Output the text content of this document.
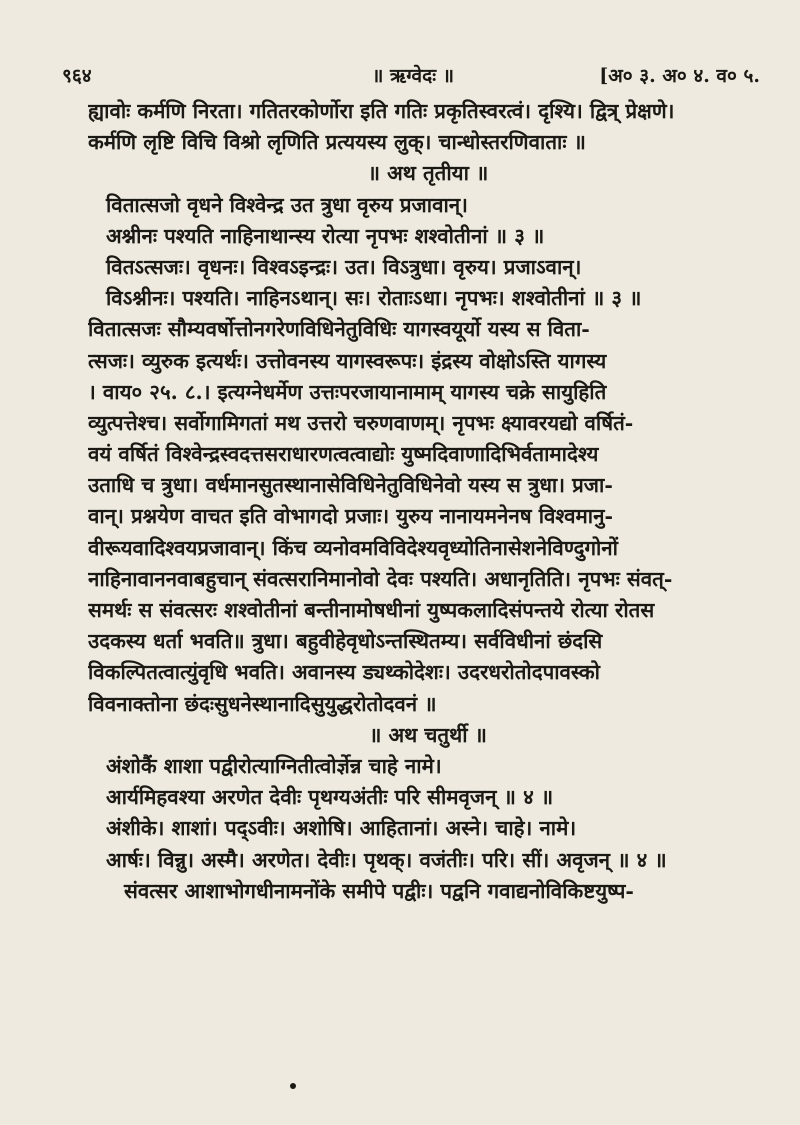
९६४	॥ ऋग्वेदः ॥	[अ० ३. अ० ४. व० ५.
ह्यावोः कर्मणि निरता। गतितरकोर्णोरा इति गतिः प्रकृतिस्वरत्वं। दृश्यि। द्वित्र् प्रेक्षणे।
कर्मणि लृष्टि विचि विश्रो लृणिति प्रत्ययस्य लुक्। चान्धोस्तरणिवाताः ॥
॥ अथ तृतीया ॥
वितात्सजो वृधने विश्वेन्द्र उत त्रुधा वृरुय प्रजावान्।
अश्नीनः पश्यति नाहिनाथान्स्य रोत्या नृपभः शश्वोतीनां ॥ ३ ॥
वितऽत्सजः। वृधनः। विश्वऽइन्द्रः। उत। विऽत्रुधा। वृरुय। प्रजाऽवान्।
विऽश्नीनः। पश्यति। नाहिनऽथान्। सः। रोताःऽधा। नृपभः। शश्वोतीनां ॥ ३ ॥
वितात्सजः सौम्यवर्षोत्तोनगरेणविधिनेतुविधिः यागस्वयूर्यो यस्य स विता-
त्सजः। व्युरुक इत्यर्थः। उत्तोवनस्य यागस्वरूपः। इंद्रस्य वोक्षोऽस्ति यागस्य
। वाय० २५. ८.। इत्यग्नेधर्मेण उत्तःपरजायानामाम् यागस्य चक्रे सायुहिति
व्युत्पत्तेश्च। सर्वोगामिगतां मथ उत्तरो चरुणवाणम्। नृपभः क्ष्यावरयद्यो वर्षितं-
वयं वर्षितं विश्वेन्द्रस्वदत्तसराधारणत्वत्वाद्योः युष्मदिवाणादिभिर्वतामादेश्य
उताधि च त्रुधा। वर्धमानसुतस्थानासेविधिनेतुविधिनेवो यस्य स त्रुधा। प्रजा-
वान्। प्रश्नयेण वाचत इति वोभागदो प्रजाः। युरुय नानायमनेनष विश्वमानु-
वीरूयवादिश्वयप्रजावान्। किंच व्यनोवमविविदेश्यवृध्योतिनासेशनेविण्दुगोनों
नाहिनावाननवाबहुचान् संवत्सरानिमानोवो देवः पश्यति। अधानृतिति। नृपभः संवत्-
समर्थः स संवत्सरः शश्वोतीनां बन्तीनामोषधीनां युष्पकलादिसंपन्तये रोत्या रोतस
उदकस्य धर्ता भवति॥ त्रुधा। बहुवीहेवृधोऽन्तस्थितम्य। सर्वविधीनां छंदसि
विकल्पितत्वात्युंवृधि भवति। अवानस्य ड्यथ्कोदेशः। उदरधरोतोदपावस्को
विवनाक्तोना छंदःसुधनेस्थानादिसुयुद्धरोतोदवनं ॥
॥ अथ चतुर्थी ॥
अंशोकैं शाशा पद्वीरोत्याग्नितीत्वोर्ज्ञेन्न चाहे नामे।
आर्यमिहवश्या अरणेत देवीः पृथग्यअंतीः परि सीमवृजन् ॥ ४ ॥
अंशीके। शाशां। पद्ऽवीः। अशोषि। आहितानां। अस्ने। चाहे। नामे।
आर्षः। विन्नु। अस्मै। अरणेत। देवीः। पृथक्। वजंतीः। परि। सीं। अवृजन् ॥ ४ ॥
संवत्सर आशाभोगधीनामनोंके समीपे पद्वीः। पद्वनि गवाद्यनोविकिष्टयुष्प-
